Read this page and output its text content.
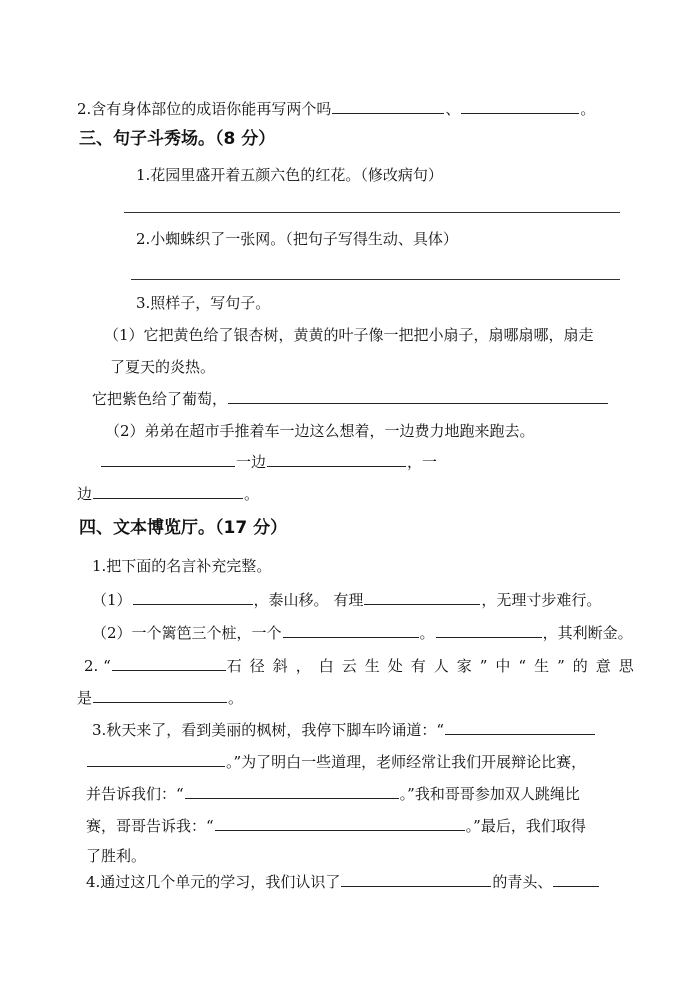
2.含有身体部位的成语你能再写两个吗	、	。
三、句子斗秀场。（8 分）
1.花园里盛开着五颜六色的红花。（修改病句）
2.小蜘蛛织了一张网。（把句子写得生动、具体）
3.照样子，写句子。
（1）它把黄色给了银杏树，黄黄的叶子像一把把小扇子，扇哪扇哪，扇走
了夏天的炎热。
它把紫色给了葡萄，
（2）弟弟在超市手推着车一边这么想着，一边费力地跑来跑去。
一边	，一
边	。
四、文本博览厅。（17 分）
1.把下面的名言补充完整。
（1）	，泰山移。 有理	，无理寸步难行。
（2）一个篱笆三个桩，一个	。	，其利断金。
2. “	石径斜，白云生处有人家”中“生”的意思
是	。
3.秋天来了，看到美丽的枫树，我停下脚车吟诵道：“
。”为了明白一些道理，老师经常让我们开展辩论比赛，
并告诉我们：“	。”我和哥哥参加双人跳绳比
赛，哥哥告诉我：“	。”最后，我们取得
了胜利。
4.通过这几个单元的学习，我们认识了	的青头、
